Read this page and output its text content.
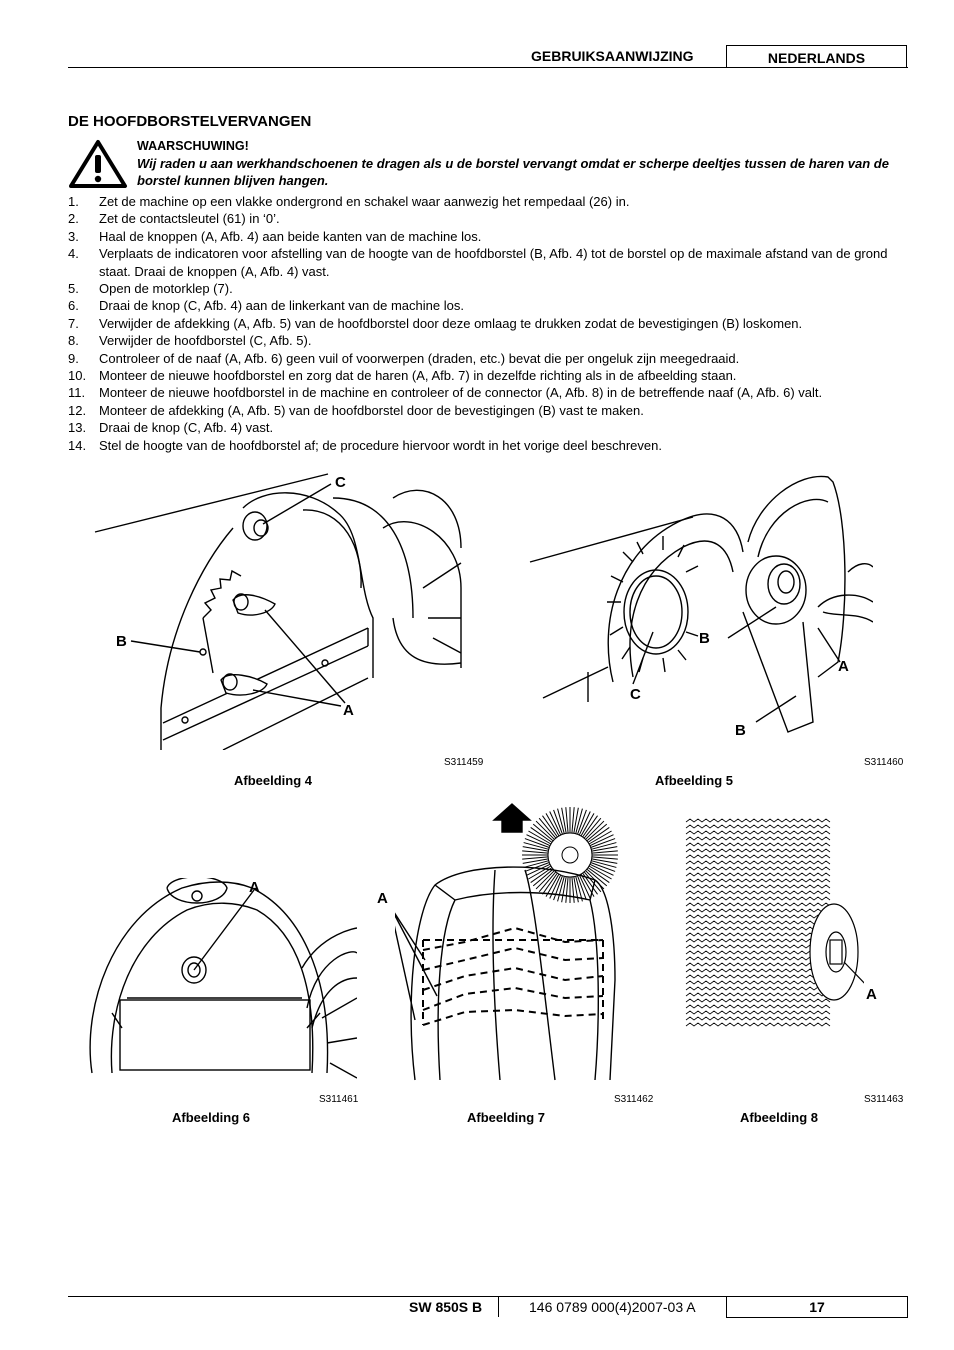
GEBRUIKSAANWIJZING	NEDERLANDS
DE HOOFDBORSTELVERVANGEN
WAARSCHUWING!
Wij raden u aan werkhandschoenen te dragen als u de borstel vervangt omdat er scherpe deeltjes tussen de haren van de borstel kunnen blijven hangen.
1. Zet de machine op een vlakke ondergrond en schakel waar aanwezig het rempedaal (26) in.
2. Zet de contactsleutel (61) in ‘0’.
3. Haal de knoppen (A, Afb. 4) aan beide kanten van de machine los.
4. Verplaats de indicatoren voor afstelling van de hoogte van de hoofdborstel (B, Afb. 4) tot de borstel op de maximale afstand van de grond staat. Draai de knoppen (A, Afb. 4) vast.
5. Open de motorklep (7).
6. Draai de knop (C, Afb. 4) aan de linkerkant van de machine los.
7. Verwijder de afdekking (A, Afb. 5) van de hoofdborstel door deze omlaag te drukken zodat de bevestigingen (B) loskomen.
8. Verwijder de hoofdborstel (C, Afb. 5).
9. Controleer of de naaf (A, Afb. 6) geen vuil of voorwerpen (draden, etc.) bevat die per ongeluk zijn meegedraaid.
10. Monteer de nieuwe hoofdborstel en zorg dat de haren (A, Afb. 7) in dezelfde richting als in de afbeelding staan.
11. Monteer de nieuwe hoofdborstel in de machine en controleer of de connector (A, Afb. 8) in de betreffende naaf (A, Afb. 6) valt.
12. Monteer de afdekking (A, Afb. 5) van de hoofdborstel door de bevestigingen (B) vast te maken.
13. Draai de knop (C, Afb. 4) vast.
14. Stel de hoogte van de hoofdborstel af; de procedure hiervoor wordt in het vorige deel beschreven.
C
B
A
S311459
Afbeelding 4
B
A
C
B
S311460
Afbeelding 5
A
S311461
Afbeelding 6
A
S311462
Afbeelding 7
A
S311463
Afbeelding 8
SW 850S B	146 0789 000(4)2007-03 A	17
